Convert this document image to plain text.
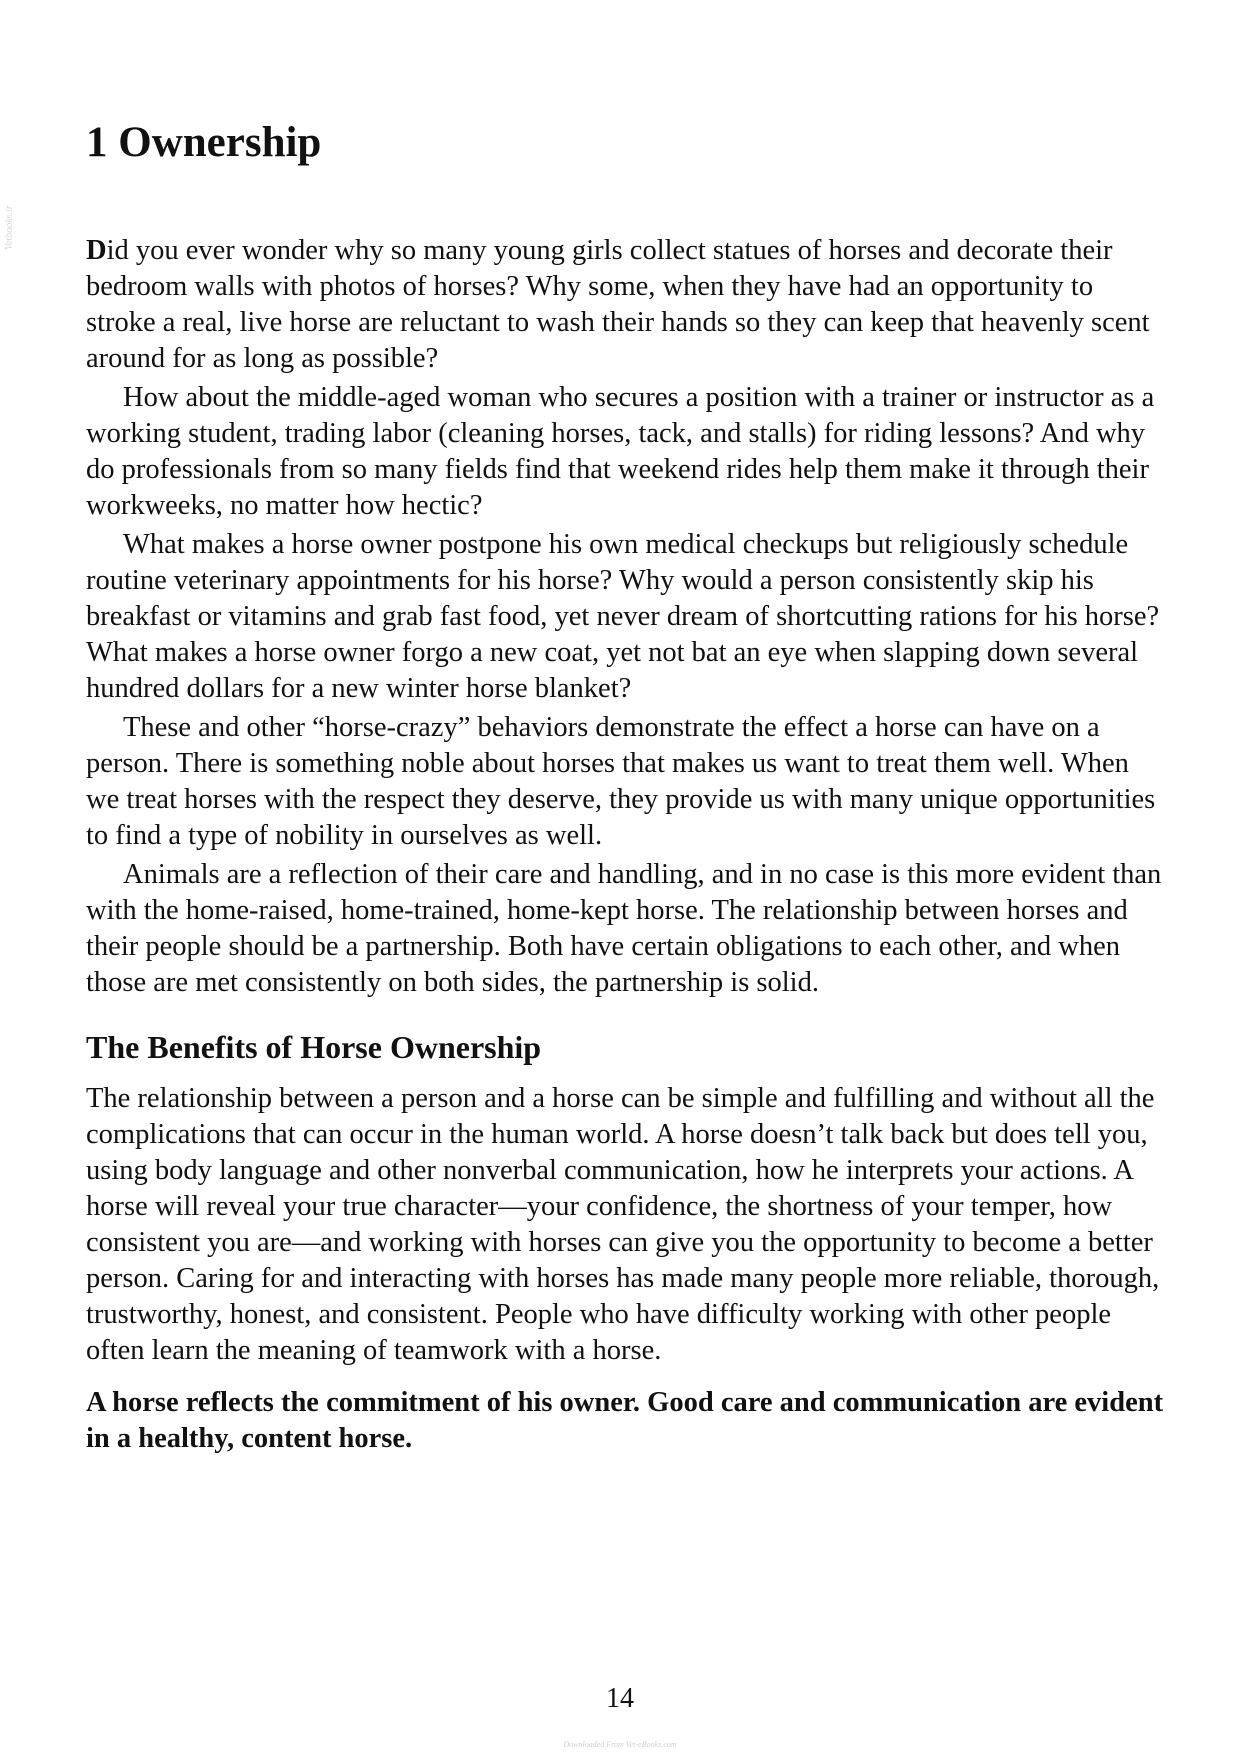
Vetbooks.ir
1 Ownership

Did you ever wonder why so many young girls collect statues of horses and decorate their bedroom walls with photos of horses? Why some, when they have had an opportunity to stroke a real, live horse are reluctant to wash their hands so they can keep that heavenly scent around for as long as possible?

How about the middle-aged woman who secures a position with a trainer or instructor as a working student, trading labor (cleaning horses, tack, and stalls) for riding lessons? And why do professionals from so many fields find that weekend rides help them make it through their workweeks, no matter how hectic?

What makes a horse owner postpone his own medical checkups but religiously schedule routine veterinary appointments for his horse? Why would a person consistently skip his breakfast or vitamins and grab fast food, yet never dream of shortcutting rations for his horse? What makes a horse owner forgo a new coat, yet not bat an eye when slapping down several hundred dollars for a new winter horse blanket?

These and other “horse-crazy” behaviors demonstrate the effect a horse can have on a person. There is something noble about horses that makes us want to treat them well. When we treat horses with the respect they deserve, they provide us with many unique opportunities to find a type of nobility in ourselves as well.

Animals are a reflection of their care and handling, and in no case is this more evident than with the home-raised, home-trained, home-kept horse. The relationship between horses and their people should be a partnership. Both have certain obligations to each other, and when those are met consistently on both sides, the partnership is solid.

The Benefits of Horse Ownership

The relationship between a person and a horse can be simple and fulfilling and without all the complications that can occur in the human world. A horse doesn’t talk back but does tell you, using body language and other nonverbal communication, how he interprets your actions. A horse will reveal your true character—your confidence, the shortness of your temper, how consistent you are—and working with horses can give you the opportunity to become a better person. Caring for and interacting with horses has made many people more reliable, thorough, trustworthy, honest, and consistent. People who have difficulty working with other people often learn the meaning of teamwork with a horse.

A horse reflects the commitment of his owner. Good care and communication are evident in a healthy, content horse.

14
Downloaded From Vet-eBooks.com
